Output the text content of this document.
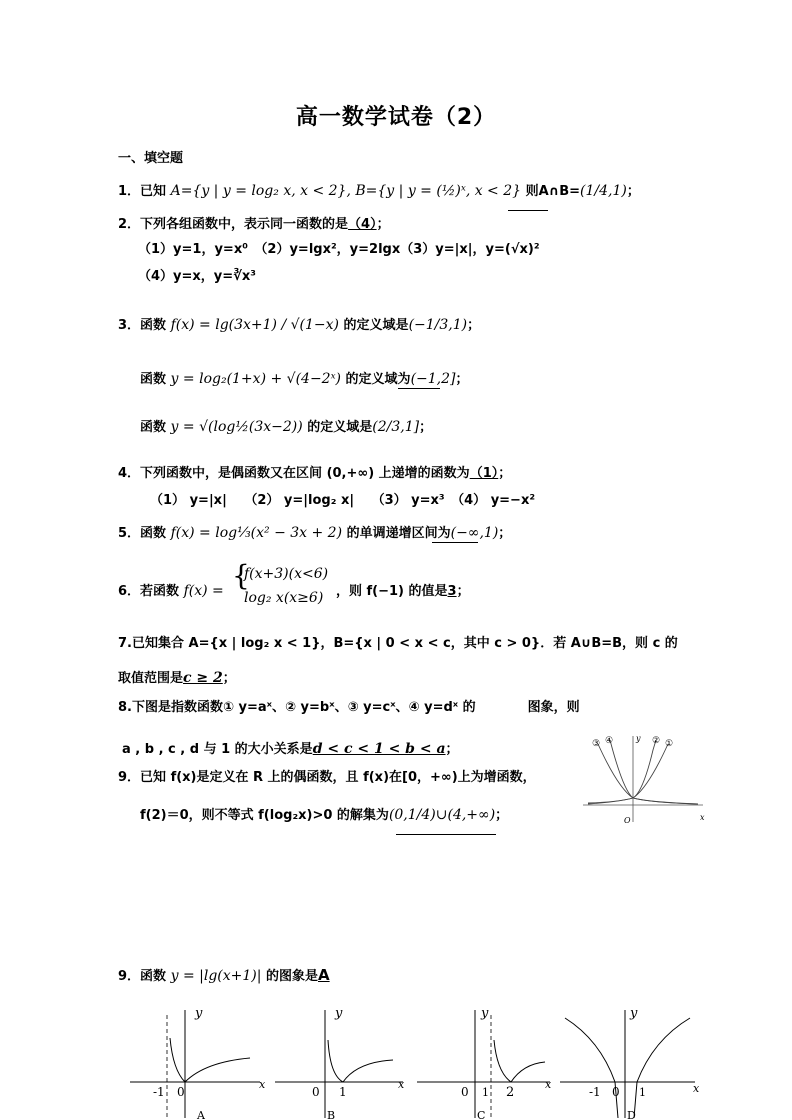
高一数学试卷（2）
一、填空题
1．已知 A={y | y = log₂ x, x < 2}, B={y | y = (½)ˣ, x < 2} 则A∩B=(1/4,1)；
2．下列各组函数中，表示同一函数的是（4）；
（1）y=1，y=x⁰　（2）y=lgx²，y=2lgx（3）y=|x|，y=(√x)²
（4）y=x，y=∛x³
3．函数 f(x) = lg(3x+1) / √(1−x) 的定义域是(−1/3,1)；
函数 y = log₂(1+x) + √(4−2ˣ) 的定义域为(−1,2]；
函数 y = √(log½(3x−2)) 的定义域是(2/3,1]；
4．下列函数中，是偶函数又在区间 (0,+∞) 上递增的函数为（1）；
（1） y=|x|　 （2） y=|log₂ x|　 （3） y=x³　（4） y=−x²
5．函数 f(x) = log⅓(x² − 3x + 2) 的单调递增区间为(−∞,1)；
6．若函数 f(x) = {
f(x+3)(x<6)
log₂ x(x≥6) ，则 f(−1) 的值是3；
7.已知集合 A={x | log₂ x < 1}，B={x | 0 < x < c，其中 c > 0}．若 A∪B=B，则 c 的
取值范围是c ≥ 2；
8.下图是指数函数① y=aˣ、② y=bˣ、③ y=cˣ、④ y=dˣ 的　　　　图象，则
a , b , c , d 与 1 的大小关系是d < c < 1 < b < a；	③ ④	② ①
y
x
O
9．已知 f(x)是定义在 R 上的偶函数，且 f(x)在[0，+∞)上为增函数，
f(2)＝0，则不等式 f(log₂x)>0 的解集为(0,1/4)∪(4,+∞)；
9．函数 y = |lg(x+1)| 的图象是A
y
x
-1 0
A
y
x
0 1
B
y
x
0 1 2
C
y
x
-1 0 1
D
